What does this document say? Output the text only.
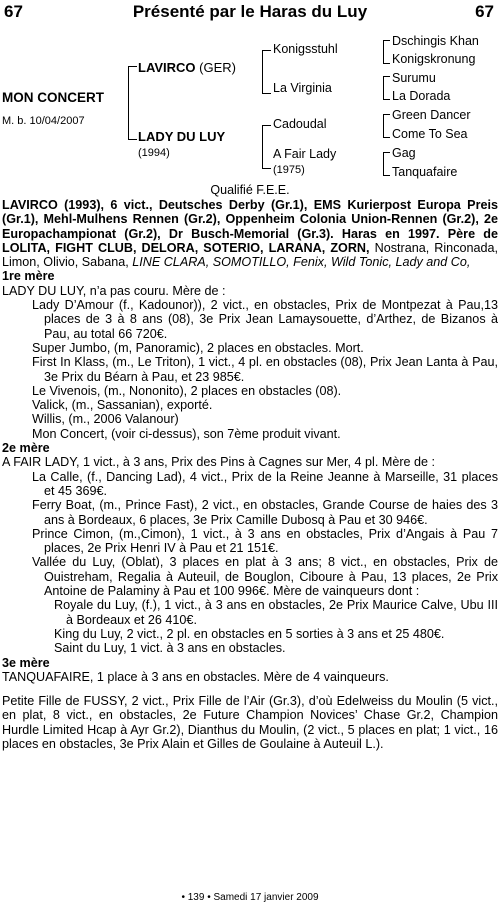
67	Présenté par le Haras du Luy	67
MON CONCERT
M. b. 10/04/2007
LAVIRCO (GER)
LADY DU LUY
(1994)
Konigsstuhl
La Virginia
Cadoudal
A Fair Lady
(1975)
Dschingis Khan
Konigskronung
Surumu
La Dorada
Green Dancer
Come To Sea
Gag
Tanquafaire
Qualifié F.E.E.

LAVIRCO (1993), 6 vict., Deutsches Derby (Gr.1), EMS Kurierpost Europa Preis (Gr.1), Mehl-Mulhens Rennen (Gr.2), Oppenheim Colonia Union-Rennen (Gr.2), 2e Europachampionat (Gr.2), Dr Busch-Memorial (Gr.3). Haras en 1997. Père de LOLITA, FIGHT CLUB, DELORA, SOTERIO, LARANA, ZORN, Nostrana, Rinconada, Limon, Olivio, Sabana, LINE CLARA, SOMOTILLO, Fenix, Wild Tonic, Lady and Co,

1re mère

LADY DU LUY, n’a pas couru. Mère de :

Lady D’Amour (f., Kadounor)), 2 vict., en obstacles, Prix de Montpezat à Pau,13 places de 3 à 8 ans (08), 3e Prix Jean Lamaysouette, d’Arthez, de Bizanos à Pau, au total 66 720€.

Super Jumbo, (m, Panoramic), 2 places en obstacles. Mort.

First In Klass, (m., Le Triton), 1 vict., 4 pl. en obstacles (08), Prix Jean Lanta à Pau, 3e Prix du Béarn à Pau, et 23 985€.

Le Vivenois, (m., Nononito), 2 places en obstacles (08).

Valick, (m., Sassanian), exporté.

Willis, (m., 2006 Valanour)

Mon Concert, (voir ci-dessus), son 7ème produit vivant.

2e mère

A FAIR LADY, 1 vict., à 3 ans, Prix des Pins à Cagnes sur Mer, 4 pl. Mère de :

La Calle, (f., Dancing Lad), 4 vict., Prix de la Reine Jeanne à Marseille, 31 places et 45 369€.

Ferry Boat, (m., Prince Fast), 2 vict., en obstacles, Grande Course de haies des 3 ans à Bordeaux, 6 places, 3e Prix Camille Dubosq à Pau et 30 946€.

Prince Cimon, (m.,Cimon), 1 vict., à 3 ans en obstacles, Prix d’Angais à Pau 7 places, 2e Prix Henri IV à Pau et 21 151€.

Vallée du Luy, (Oblat), 3 places en plat à 3 ans; 8 vict., en obstacles, Prix de Ouistreham, Regalia à Auteuil, de Bouglon, Ciboure à Pau, 13 places, 2e Prix Antoine de Palaminy à Pau et 100 996€. Mère de vainqueurs dont :

Royale du Luy, (f.), 1 vict., à 3 ans en obstacles, 2e Prix Maurice Calve, Ubu III à Bordeaux et 26 410€.

King du Luy, 2 vict., 2 pl. en obstacles en 5 sorties à 3 ans et 25 480€.

Saint du Luy, 1 vict. à 3 ans en obstacles.

3e mère

TANQUAFAIRE, 1 place à 3 ans en obstacles. Mère de 4 vainqueurs.

Petite Fille de FUSSY, 2 vict., Prix Fille de l’Air (Gr.3), d’où Edelweiss du Moulin (5 vict., en plat, 8 vict., en obstacles, 2e Future Champion Novices’ Chase Gr.2, Champion Hurdle Limited Hcap à Ayr Gr.2), Dianthus du Moulin, (2 vict., 5 places en plat; 1 vict., 16 places en obstacles, 3e Prix Alain et Gilles de Goulaine à Auteuil L.).

• 139 • Samedi 17 janvier 2009
